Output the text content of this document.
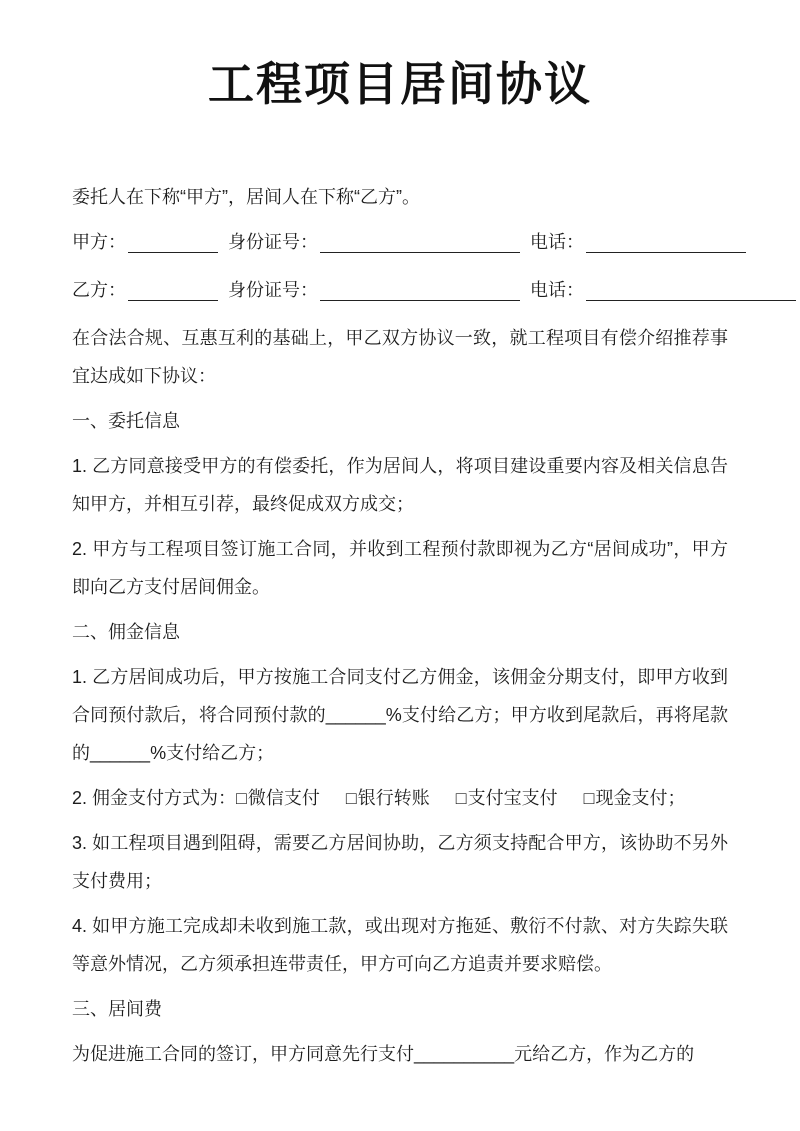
工程项目居间协议

委托人在下称“甲方”，居间人在下称“乙方”。

甲方：	身份证号：	电话：
乙方：	身份证号：	电话：

在合法合规、互惠互利的基础上，甲乙双方协议一致，就工程项目有偿介绍推荐事宜达成如下协议：

一、委托信息

1. 乙方同意接受甲方的有偿委托，作为居间人，将项目建设重要内容及相关信息告知甲方，并相互引荐，最终促成双方成交；

2. 甲方与工程项目签订施工合同，并收到工程预付款即视为乙方“居间成功”，甲方即向乙方支付居间佣金。

二、佣金信息

1. 乙方居间成功后，甲方按施工合同支付乙方佣金，该佣金分期支付，即甲方收到合同预付款后，将合同预付款的______%支付给乙方；甲方收到尾款后，再将尾款的______%支付给乙方；

2. 佣金支付方式为：□微信支付 □银行转账 □支付宝支付 □现金支付；

3. 如工程项目遇到阻碍，需要乙方居间协助，乙方须支持配合甲方，该协助不另外支付费用；

4. 如甲方施工完成却未收到施工款，或出现对方拖延、敷衍不付款、对方失踪失联等意外情况，乙方须承担连带责任，甲方可向乙方追责并要求赔偿。

三、居间费

为促进施工合同的签订，甲方同意先行支付__________元给乙方，作为乙方的
